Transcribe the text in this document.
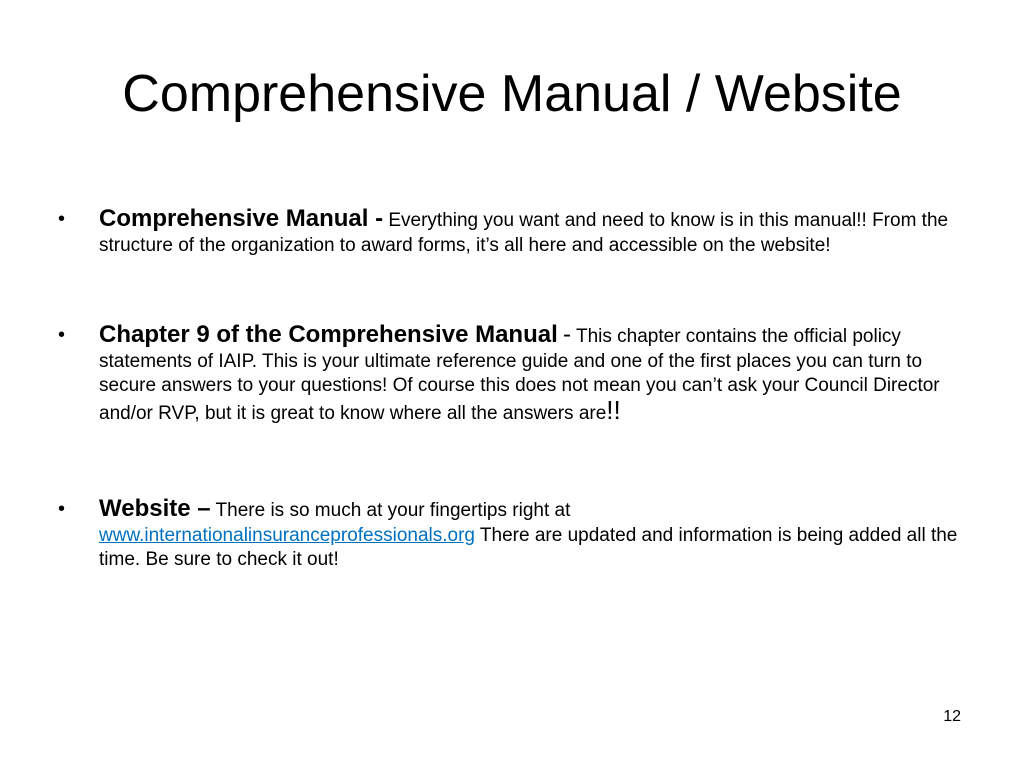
Comprehensive Manual / Website
• Comprehensive Manual - Everything you want and need to know is in this manual!! From the structure of the organization to award forms, it’s all here and accessible on the website!
• Chapter 9 of the Comprehensive Manual - This chapter contains the official policy statements of IAIP. This is your ultimate reference guide and one of the first places you can turn to secure answers to your questions! Of course this does not mean you can’t ask your Council Director and/or RVP, but it is great to know where all the answers are!!
• Website – There is so much at your fingertips right at
www.internationalinsuranceprofessionals.org There are updated and information is being added all the time. Be sure to check it out!
12
